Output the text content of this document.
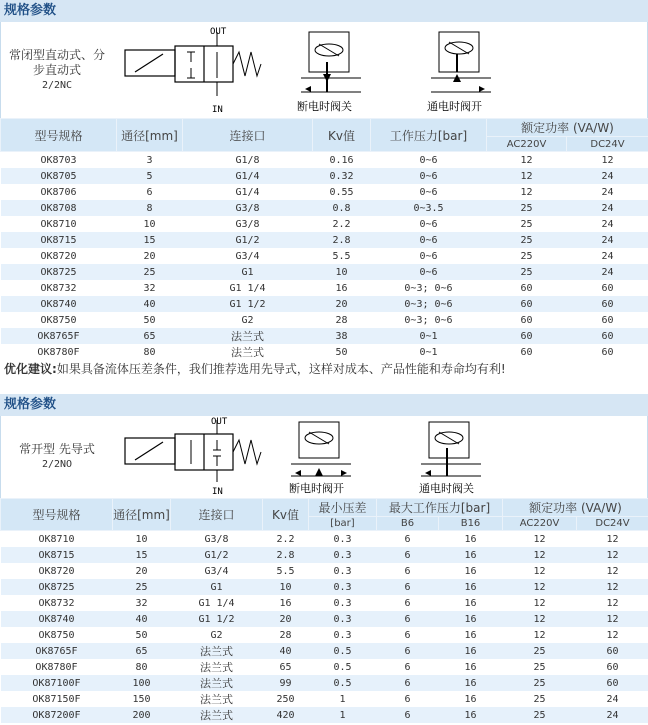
规格参数
常闭型直动式、分
步直动式
2/2NC
OUT
IN	断电时阀关	通电时阀开
型号规格	通径[mm]	连接口	Kv值	工作压力[bar]	额定功率 (VA/W)	
					AC220V	DC24V
OK8703	3	G1/8	0.16	0~6	12	12
OK8705	5	G1/4	0.32	0~6	12	24
OK8706	6	G1/4	0.55	0~6	12	24
OK8708	8	G3/8	0.8	0~3.5	25	24
OK8710	10	G3/8	2.2	0~6	25	24
OK8715	15	G1/2	2.8	0~6	25	24
OK8720	20	G3/4	5.5	0~6	25	24
OK8725	25	G1	10	0~6	25	24
OK8732	32	G1 1/4	16	0~3; 0~6	60	60
OK8740	40	G1 1/2	20	0~3; 0~6	60	60
OK8750	50	G2	28	0~3; 0~6	60	60
OK8765F	65	法兰式	38	0~1	60	60
OK8780F	80	法兰式	50	0~1	60	60
优化建议:如果具备流体压差条件，我们推荐选用先导式，这样对成本、产品性能和寿命均有利!
规格参数
常开型 先导式
2/2NO
OUT
IN	断电时阀开	通电时阀关
型号规格	通径[mm]	连接口	Kv值	最小压差	最大工作压力[bar]		额定功率 (VA/W)	
				[bar]	B6	B16	AC220V	DC24V
OK8710	10	G3/8	2.2	0.3	6	16	12	12
OK8715	15	G1/2	2.8	0.3	6	16	12	12
OK8720	20	G3/4	5.5	0.3	6	16	12	12
OK8725	25	G1	10	0.3	6	16	12	12
OK8732	32	G1 1/4	16	0.3	6	16	12	12
OK8740	40	G1 1/2	20	0.3	6	16	12	12
OK8750	50	G2	28	0.3	6	16	12	12
OK8765F	65	法兰式	40	0.5	6	16	25	60
OK8780F	80	法兰式	65	0.5	6	16	25	60
OK87100F	100	法兰式	99	0.5	6	16	25	60
OK87150F	150	法兰式	250	1	6	16	25	24
OK87200F	200	法兰式	420	1	6	16	25	24
